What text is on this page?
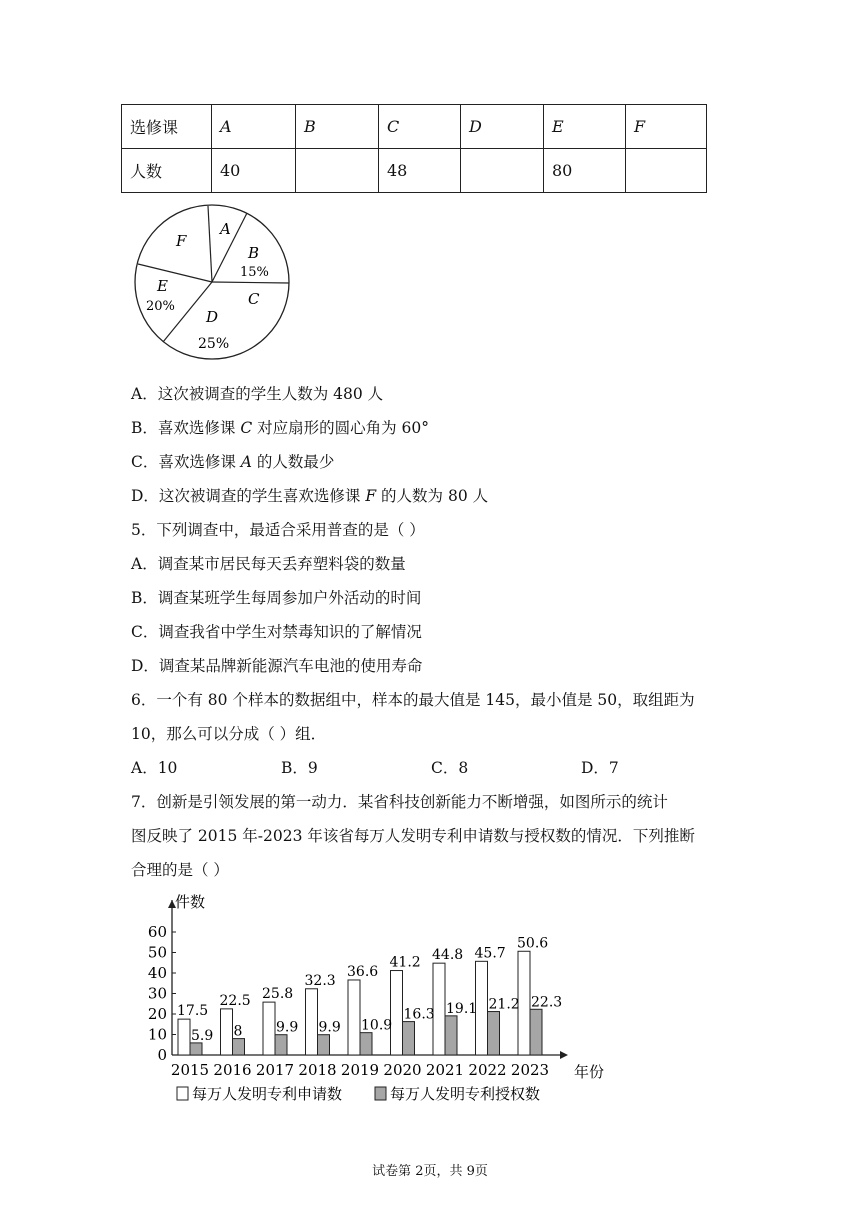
选修课	A	B	C	D	E	F
人数	40		48		80	
A
B
15%
C
D
25%
E
20%
F
A．这次被调查的学生人数为 480 人
B．喜欢选修课 C 对应扇形的圆心角为 60°
C．喜欢选修课 A 的人数最少
D．这次被调查的学生喜欢选修课 F 的人数为 80 人
5．下列调查中，最适合采用普查的是（ ）
A．调查某市居民每天丢弃塑料袋的数量
B．调查某班学生每周参加户外活动的时间
C．调查我省中学生对禁毒知识的了解情况
D．调查某品牌新能源汽车电池的使用寿命
6．一个有 80 个样本的数据组中，样本的最大值是 145，最小值是 50，取组距为
10，那么可以分成（ ）组．
A．10	B．9	C．8	D．7
7．创新是引领发展的第一动力．某省科技创新能力不断增强，如图所示的统计
图反映了 2015 年-2023 年该省每万人发明专利申请数与授权数的情况．下列推断
合理的是（ ）
0
10
20
30
40
50
60
17.5
5.9
2015
22.5
8
2016
25.8
9.9
2017
32.3
9.9
2018
36.6
10.9
2019
41.2
16.3
2020
44.8
19.1
2021
45.7
21.2
2022
50.6
22.3
2023
件数
年份
每万人发明专利申请数	每万人发明专利授权数
试卷第 2页，共 9页
